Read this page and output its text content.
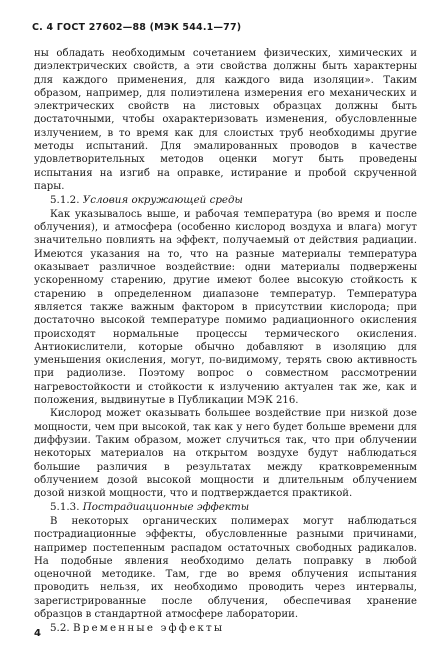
С. 4 ГОСТ 27602—88 (МЭК 544.1—77)

ны обладать необходимым сочетанием физических, химических и диэлектрических свойств, а эти свойства должны быть характерны для каждого применения, для каждого вида изоляции». Таким образом, например, для полиэтилена измерения его механических и электрических свойств на листовых образцах должны быть достаточными, чтобы охарактеризовать изменения, обусловленные излучением, в то время как для слоистых труб необходимы другие методы испытаний. Для эмалированных проводов в качестве удовлетворительных методов оценки могут быть проведены испытания на изгиб на оправке, истирание и пробой скрученной пары.

5.1.2. Условия окружающей среды

Как указывалось выше, и рабочая температура (во время и после облучения), и атмосфера (особенно кислород воздуха и влага) могут значительно повлиять на эффект, получаемый от действия радиации. Имеются указания на то, что на разные материалы температура оказывает различное воздействие: одни материалы подвержены ускоренному старению, другие имеют более высокую стойкость к старению в определенном диапазоне температур. Температура является также важным фактором в присутствии кислорода; при достаточно высокой температуре помимо радиационного окисления происходят нормальные процессы термического окисления. Антиокислители, которые обычно добавляют в изоляцию для уменьшения окисления, могут, по-видимому, терять свою активность при радиолизе. Поэтому вопрос о совместном рассмотрении нагревостойкости и стойкости к излучению актуален так же, как и положения, выдвинутые в Публикации МЭК 216.

Кислород может оказывать большее воздействие при низкой дозе мощности, чем при высокой, так как у него будет больше времени для диффузии. Таким образом, может случиться так, что при облучении некоторых материалов на открытом воздухе будут наблюдаться большие различия в результатах между кратковременным облучением дозой высокой мощности и длительным облучением дозой низкой мощности, что и подтверждается практикой.

5.1.3. Пострадиационные эффекты

В некоторых органических полимерах могут наблюдаться пострадиационные эффекты, обусловленные разными причинами, например постепенным распадом остаточных свободных радикалов. На подобные явления необходимо делать поправку в любой оценочной методике. Там, где во время облучения испытания проводить нельзя, их необходимо проводить через интервалы, зарегистрированные после облучения, обеспечивая хранение образцов в стандартной атмосфере лаборатории.

5.2. Временные эффекты
4
